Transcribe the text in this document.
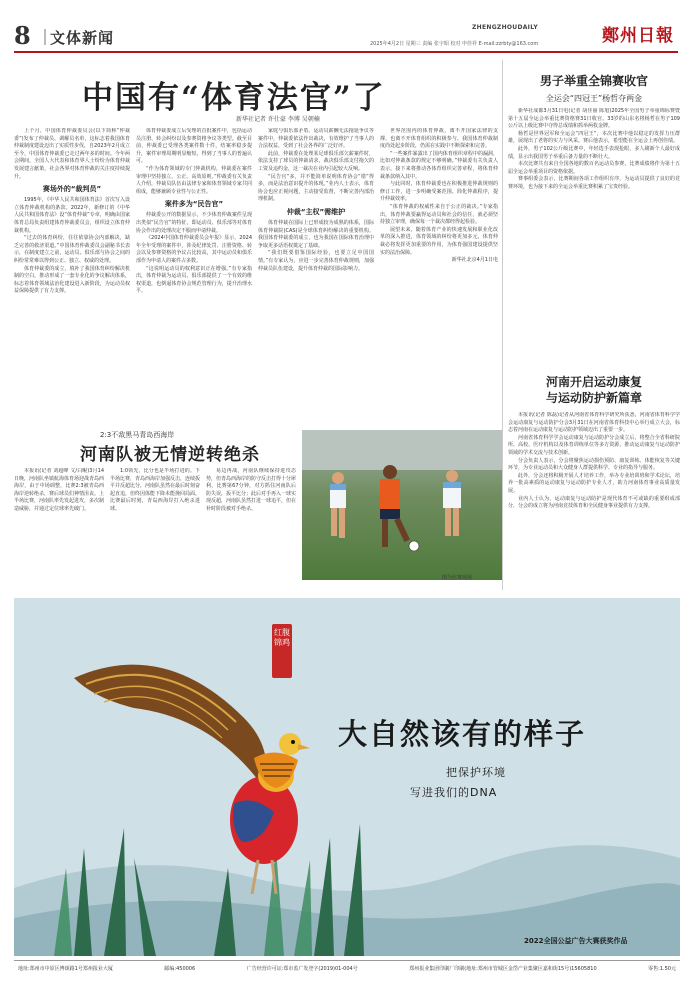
8 文体新闻
ZHENGZHOUDAILY	鄭州日報
2025年4月2日 星期三 责编 张宇昭 校对 申佳祥 E-mail:zzrbty@163.com
中国有“体育法官”了
新华社记者 许仕豪 李博 吴朝楠

上个月，中国体育仲裁委员会(以下简称“仲裁委”)发布了仲裁员、调解员名单，这标志着我国体育仲裁制度建设迈出了实质性步伐，自2023年2月成立至今，中国体育仲裁委已走过两年多的时间。今年两会期间，全国人大代表和体育界人士纷纷为体育仲裁发展建言献策，社会各界对体育仲裁的关注度持续提升。

赛场外的“裁判员”

1995年，《中华人民共和国体育法》首次写入设立体育仲裁机构的条款。2022年，新修订的《中华人民共和国体育法》设“体育仲裁”专章，明确由国家体育总局负责组建体育仲裁委员会，组织设立体育仲裁机构。

“过去的体育纠纷，往往依靠协会内部解决，缺乏完善的救济渠道。”中国体育仲裁委员会副秘书长表示，在制度建立之前，运动员、俱乐部与协会之间的纠纷常常难以得到公正、独立、权威的处理。

体育仲裁委的成立，填补了我国体育纠纷解决机制的空白，推动形成了一套专业化的争议解决体系，标志着体育领域法治化建设进入新阶段，为运动员权益保障提供了有力支撑。

体育仲裁委成立后受理的首批案件中，包括运动员注册、转会纠纷以及参赛资格争议等类型。截至目前，仲裁委已受理各类案件数十件，结案率稳步提升，案件审理周期明显缩短，得到了当事人的普遍认可。

“作为体育领域的专门仲裁机构，仲裁委在案件审理中坚持独立、公正、高效原则。”仲裁委有关负责人介绍，仲裁员队伍由法律专家和体育领域专家共同组成，能够兼顾专业性与公正性。

案件多为“民告官”

仲裁委公开的数据显示，不少体育仲裁案件呈现出类似“民告官”的特征，即运动员、俱乐部等对体育协会作出的处理决定不服而申请仲裁。

《2024中国体育仲裁委员会年报》显示，2024年全年受理的案件中，涉及纪律处罚、注册资格、转会以及参赛资格的争议占比较高，其中运动员和俱乐部作为申请人的案件占多数。

“这说明运动员的权利意识正在增强。”有专家指出，体育仲裁为运动员、俱乐部提供了一个有效的维权渠道，也倒逼体育协会规范管理行为，提升治理水平。

家庭与俱乐部矛盾、运动员薪酬无法拖延争议等案件中，仲裁委依法作出裁决，有效维护了当事人的合法权益，受到了社会各界的广泛好评。

此前，仲裁委在处理某足球俱乐部欠薪案件时，依法支持了球员的仲裁请求，裁决俱乐部支付拖欠的工资及违约金，这一裁决在业内引起较大反响。

“民告官”多，并不能简单说明体育协会“错”得多，而是法治意识提升的体现。”业内人士表示，体育协会也应正视问题，主动接受监督，不断完善内部治理机制。

仲裁“主权”需维护

体育仲裁在国际上已形成较为成熟的体系，国际体育仲裁院(CAS)是全球体育纠纷解决的重要机构。我国体育仲裁委的成立，也为我国在国际体育治理中争取更多话语权奠定了基础。

“我们既要借鉴国际经验，也要立足中国国情。”有专家认为，应进一步完善体育仲裁规则，加强仲裁员队伍建设，提升体育仲裁的国际影响力。

世界范围内的体育仲裁，离不开国家法律的支撑，也离不开体育组织的积极参与。我国体育仲裁制度尚处起步阶段，仍需在实践中不断探索和完善。

“一些案件暴露出了国内体育组织章程中的漏洞，比如对仲裁条款的规定不够明确。”仲裁委有关负责人表示，接下来将推动各体育组织完善章程，将体育仲裁条款纳入其中。

与此同时，体育仲裁委也在积极推进仲裁规则的修订工作，进一步明确受案范围、简化仲裁程序，提升仲裁效率。

“体育仲裁的权威性来自于公正的裁决。”专家指出，体育仲裁要赢得运动员和社会的信任，就必须坚持独立审理，确保每一个裁决都经得起检验。

展望未来，随着体育产业的快速发展和职业化改革的深入推进，体育领域的纠纷将更加多元，体育仲裁必将发挥更加重要的作用，为体育强国建设提供坚实的法治保障。

新华社北京4月1日电

2:3不敌黑马青岛西海岸
河南队被无情逆转绝杀

本报讯(记者 刘超峰 文/白鲲)3月14日晚，河南队坐镇航海体育场迎战青岛西海岸，由于中场调整，比赛2:3被青岛西海岸逆转绝杀，赛后球员们神情沮丧。上半场比赛，河南队率先发起进攻，多次制造威胁，并通过定位球率先破门。

1:0领先，比分也是半场打进的。下半场比赛，青岛西海岸加强反击，连续扳平并反超比分，河南队虽然在最后时刻奋起直追，但终因体能下降未能挽回局面。比赛最后时刻，青岛西海岸打入绝杀进球。

易边再战，河南队继续保持进攻态势，但青岛西海岸的防守反击打得十分犀利，比赛第67分钟，对方抓住河南队后防失误，扳平比分；此后对手再入一球实现反超，河南队虽然打进一球追平，但在补时阶段被对手绝杀。

图为比赛现场
男子举重全锦赛收官
全运会“四冠王”杨哲夺两金

新华社成都3月31日电(记者 胡佳丽 陈旭)2025年全国男子举重锦标赛暨第十五届全运会举重比赛资格赛31日收官。33岁的山东名将杨哲在男子109公斤以上级比赛中夺得总成绩和抓举两枚金牌。

杨哲是世界冠军和全运会“四冠王”，本次比赛中他以稳定的发挥力压群雄，展现出了老将的实力与风采。赛后他表示，希望能在全运会上再创佳绩。

此外，男子102公斤级比赛中，年轻选手表现抢眼，多人刷新个人最好成绩，显示出我国男子举重后备力量的不断壮大。

本次比赛共有来自全国各地的数百名运动员参赛，比赛成绩将作为第十五届全运会举重项目的资格依据。

赛事组委会表示，比赛期间各项工作组织有序，为运动员提供了良好的竞赛环境，也为接下来的全运会举重比赛积累了宝贵经验。

河南开启运动康复
与运动防护新篇章

本报讯(记者 陈磊)记者从河南省体育科学研究所获悉，河南省体育科学学会运动康复与运动防护分会3月31日在河南省体育科技中心举行成立大会，标志着河南在运动康复与运动防护领域迈出了重要一步。

河南省体育科学学会运动康复与运动防护分会成立后，将整合全省科研院所、高校、医疗机构以及体育训练单位等多方资源，推动运动康复与运动防护领域的学术交流与技术创新。

分会负责人表示，分会将聚焦运动损伤预防、康复训练、体能恢复等关键环节，为专业运动员和大众健身人群提供科学、专业的指导与服务。

此外，分会还将积极开展人才培养工作，举办专业培训班和学术论坛，培养一批高素质的运动康复与运动防护专业人才，助力河南体育事业高质量发展。

业内人士认为，运动康复与运动防护是现代体育不可或缺的重要组成部分，分会的成立将为河南竞技体育和全民健身事业提供有力支撑。

红腹锦鸡
大自然该有的样子
把保护环境
写进我们的DNA
2022全国公益广告大赛获奖作品
地址:郑州市中原区博颂路1号郑州报业大厦	邮编:450006	广告经营许可证:郑市监广发登字(2019)01-004号	郑州报业集团印刷厂印刷(地址:郑州市管城区金岱产业集聚区嘉和街15号)15605810	零售:1.50元
